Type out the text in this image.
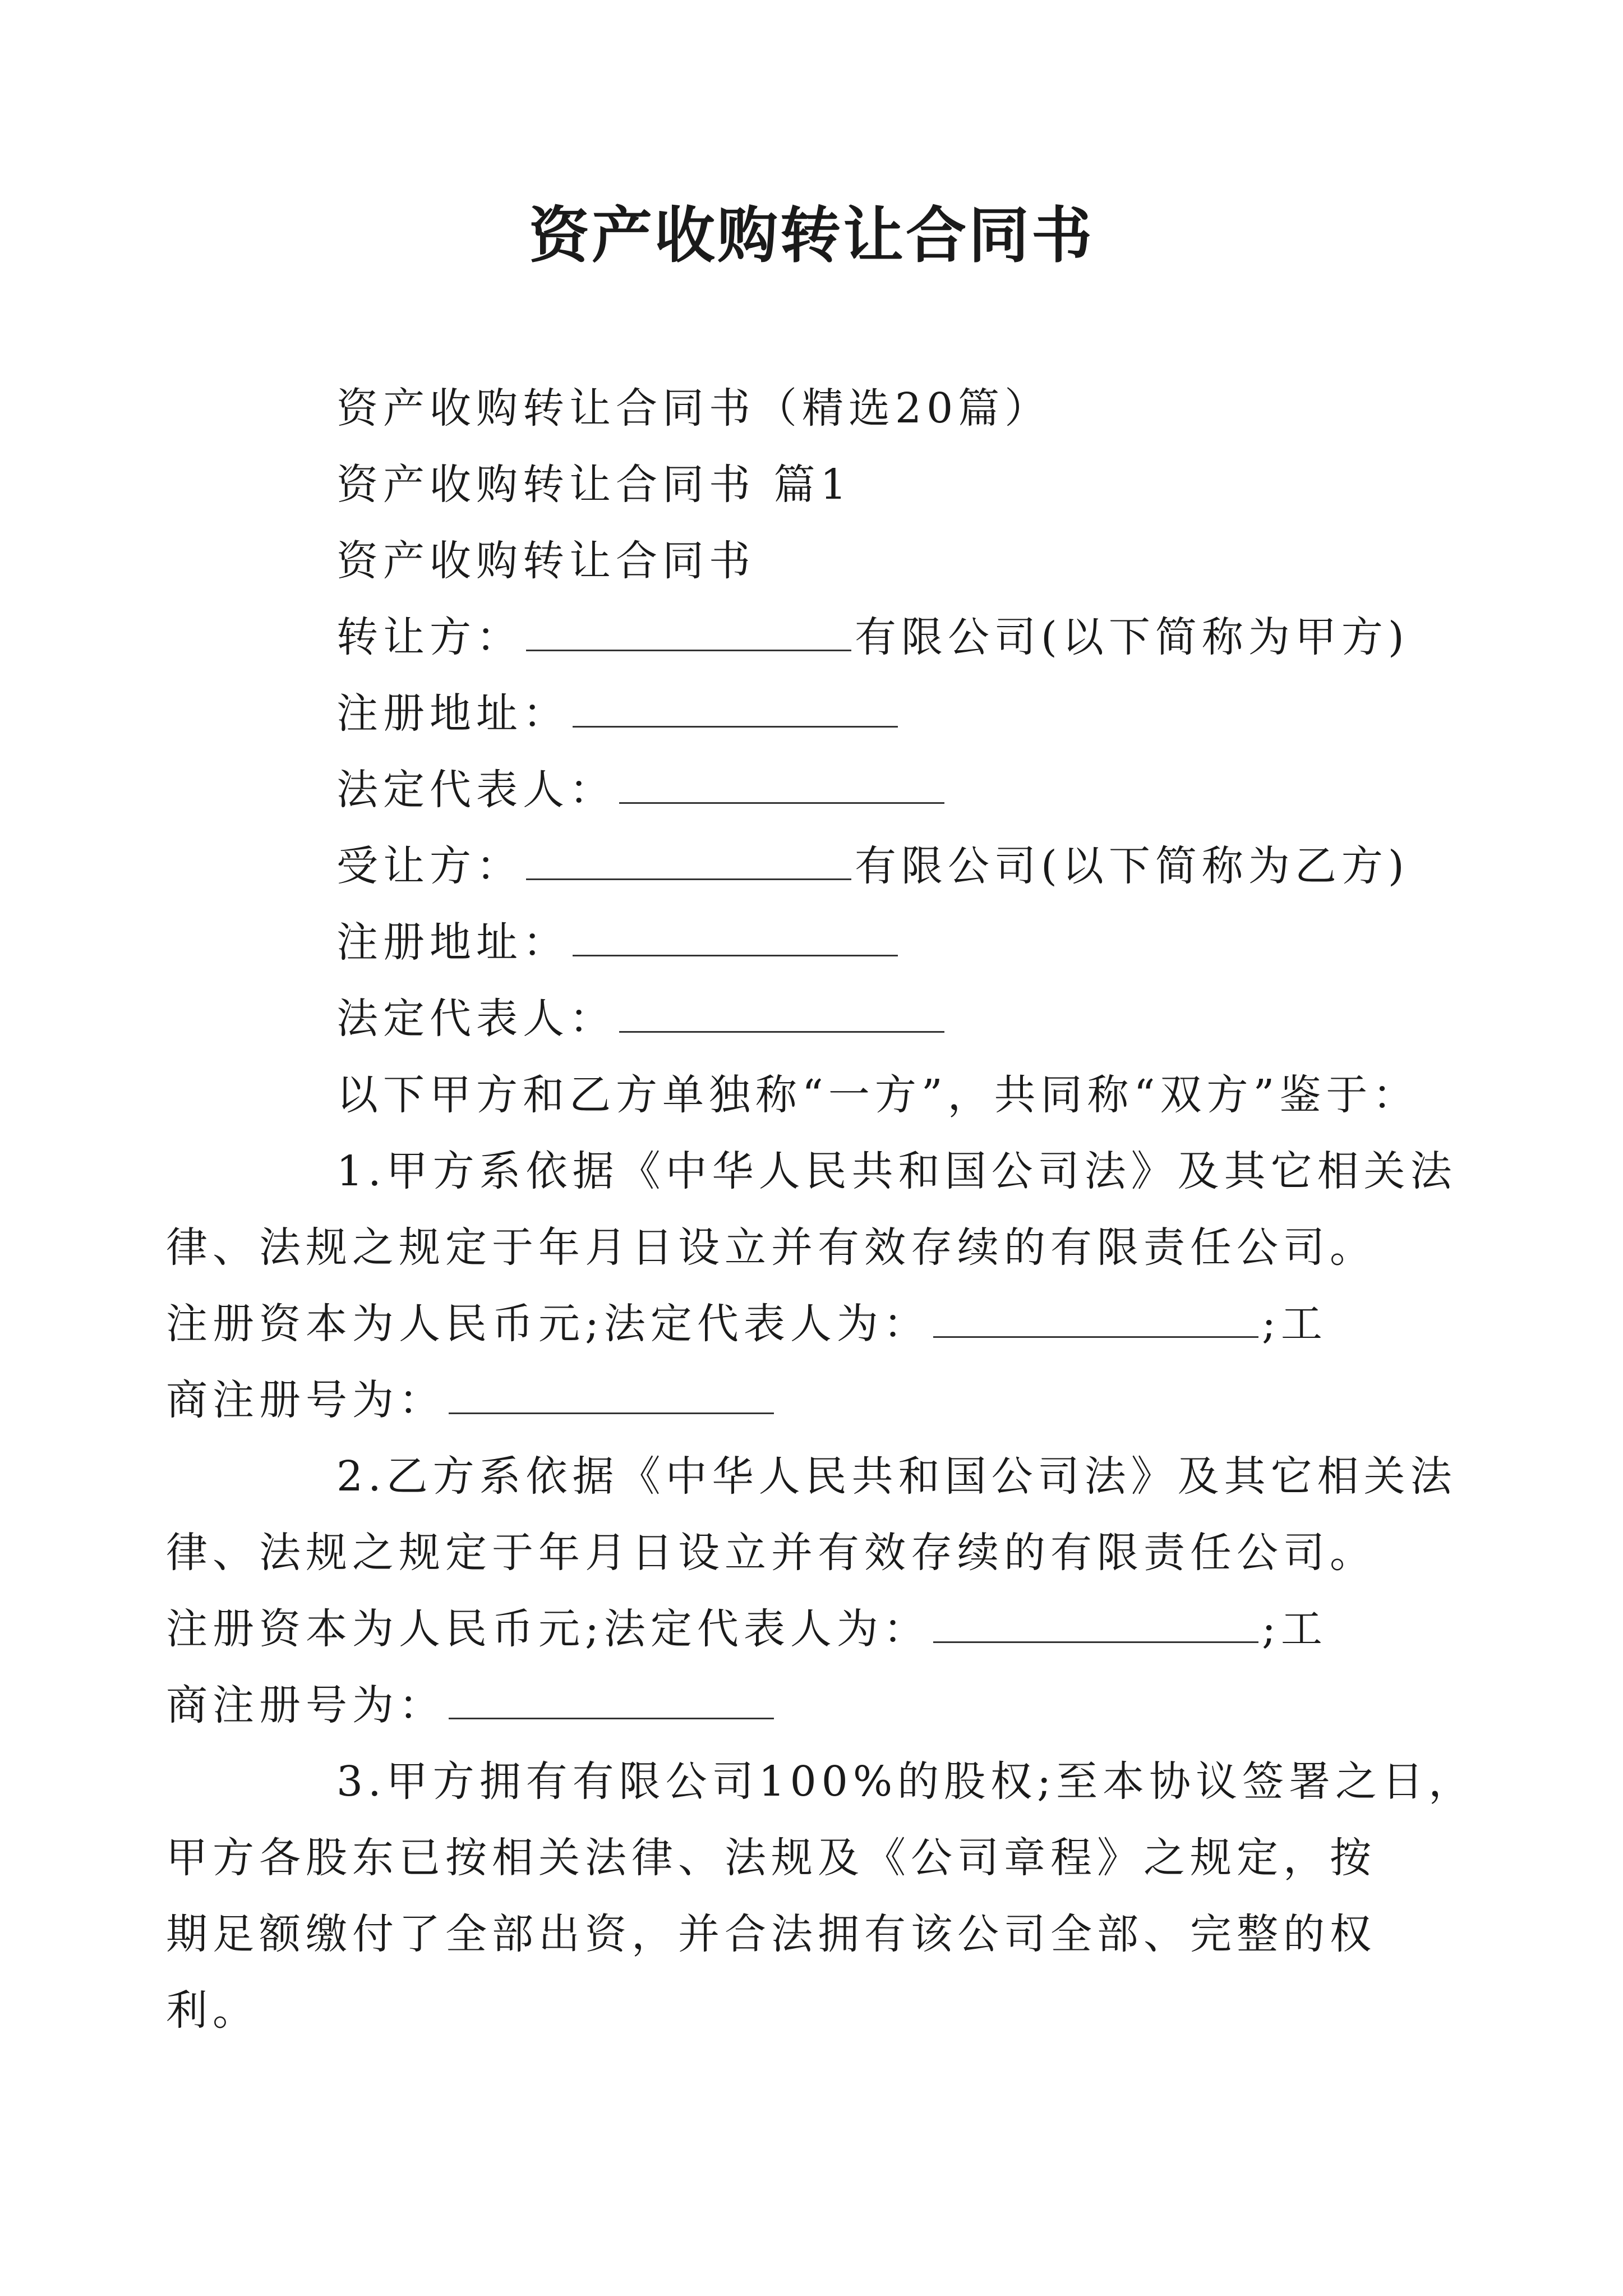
资产收购转让合同书
资产收购转让合同书（精选20篇）
资产收购转让合同书 篇1
资产收购转让合同书
转让方：	有限公司(以下简称为甲方)
注册地址：
法定代表人：
受让方：	有限公司(以下简称为乙方)
注册地址：
法定代表人：
以下甲方和乙方单独称“一方”，共同称“双方”鉴于：
1.甲方系依据《中华人民共和国公司法》及其它相关法
律、法规之规定于年月日设立并有效存续的有限责任公司。
注册资本为人民币元;法定代表人为：	;工
商注册号为：
2.乙方系依据《中华人民共和国公司法》及其它相关法
律、法规之规定于年月日设立并有效存续的有限责任公司。
注册资本为人民币元;法定代表人为：	;工
商注册号为：
3.甲方拥有有限公司100%的股权;至本协议签署之日，
甲方各股东已按相关法律、法规及《公司章程》之规定，按
期足额缴付了全部出资，并合法拥有该公司全部、完整的权
利。
